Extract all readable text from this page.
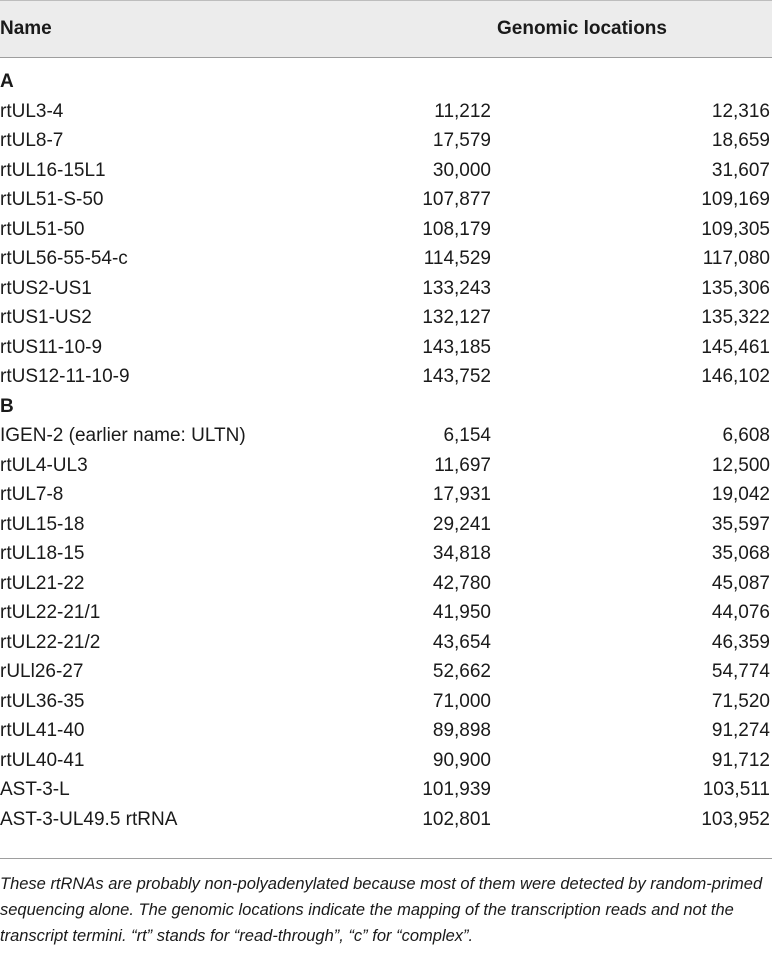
Name	Genomic locations
A
rtUL3-4	11,212	12,316
rtUL8-7	17,579	18,659
rtUL16-15L1	30,000	31,607
rtUL51-S-50	107,877	109,169
rtUL51-50	108,179	109,305
rtUL56-55-54-c	114,529	117,080
rtUS2-US1	133,243	135,306
rtUS1-US2	132,127	135,322
rtUS11-10-9	143,185	145,461
rtUS12-11-10-9	143,752	146,102
B
IGEN-2 (earlier name: ULTN)	6,154	6,608
rtUL4-UL3	11,697	12,500
rtUL7-8	17,931	19,042
rtUL15-18	29,241	35,597
rtUL18-15	34,818	35,068
rtUL21-22	42,780	45,087
rtUL22-21/1	41,950	44,076
rtUL22-21/2	43,654	46,359
rULl26-27	52,662	54,774
rtUL36-35	71,000	71,520
rtUL41-40	89,898	91,274
rtUL40-41	90,900	91,712
AST-3-L	101,939	103,511
AST-3-UL49.5 rtRNA	102,801	103,952
These rtRNAs are probably non-polyadenylated because most of them were detected by random-primed sequencing alone. The genomic locations indicate the mapping of the transcription reads and not the transcript termini. “rt” stands for “read-through”, “c” for “complex”.
